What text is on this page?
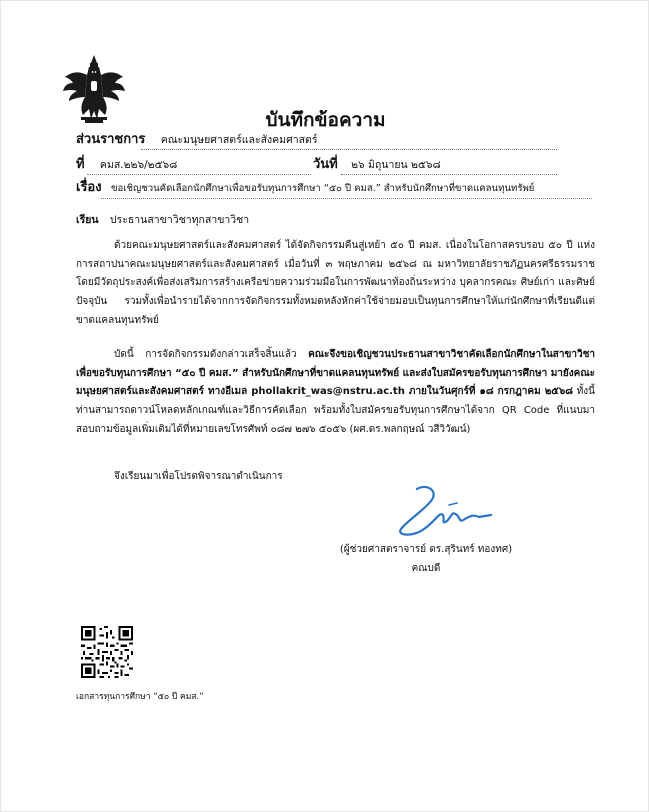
บันทึกข้อความ
ส่วนราชการ คณะมนุษยศาสตร์และสังคมศาสตร์
ที่ คมส.๒๒๖/๒๕๖๘	วันที่ ๒๖ มิถุนายน ๒๕๖๘
เรื่อง ขอเชิญชวนคัดเลือกนักศึกษาเพื่อขอรับทุนการศึกษา “๕๐ ปี คมส.” สำหรับนักศึกษาที่ขาดแคลนทุนทรัพย์
เรียน ประธานสาขาวิชาทุกสาขาวิชา

ด้วยคณะมนุษยศาสตร์และสังคมศาสตร์ ได้จัดกิจกรรมคืนสู่เหย้า ๕๐ ปี คมส. เนื่องในโอกาสครบรอบ ๕๐ ปี แห่งการสถาปนาคณะมนุษยศาสตร์และสังคมศาสตร์ เมื่อวันที่ ๓ พฤษภาคม ๒๕๖๘ ณ มหาวิทยาลัยราชภัฏนครศรีธรรมราช โดยมีวัตถุประสงค์เพื่อส่งเสริมการสร้างเครือข่ายความร่วมมือในการพัฒนาท้องถิ่นระหว่าง บุคลากรคณะ ศิษย์เก่า และศิษย์ปัจจุบัน รวมทั้งเพื่อนำรายได้จากการจัดกิจกรรมทั้งหมดหลังหักค่าใช้จ่ายมอบเป็นทุนการศึกษาให้แก่นักศึกษาที่เรียนดีแต่ขาดแคลนทุนทรัพย์

บัดนี้ การจัดกิจกรรมดังกล่าวเสร็จสิ้นแล้ว คณะจึงขอเชิญชวนประธานสาขาวิชาคัดเลือกนักศึกษาในสาขาวิชา เพื่อขอรับทุนการศึกษา “๕๐ ปี คมส.” สำหรับนักศึกษาที่ขาดแคลนทุนทรัพย์ และส่งใบสมัครขอรับทุนการศึกษา มายังคณะมนุษยศาสตร์และสังคมศาสตร์ ทางอีเมล phollakrit_was@nstru.ac.th ภายในวันศุกร์ที่ ๑๘ กรกฎาคม ๒๕๖๘ ทั้งนี้ ท่านสามารถดาวน์โหลดหลักเกณฑ์และวิธีการคัดเลือก พร้อมทั้งใบสมัครขอรับทุนการศึกษาได้จาก QR Code ที่แนบมา สอบถามข้อมูลเพิ่มเติมได้ที่หมายเลขโทรศัพท์ ๐๘๗ ๒๗๖ ๕๐๕๖ (ผศ.ดร.พลกฤษณ์ วสีวิวัฒน์)

จึงเรียนมาเพื่อโปรดพิจารณาดำเนินการ
(ผู้ช่วยศาสตราจารย์ ดร.สุรินทร์ ทองทศ)
คณบดี
เอกสารทุนการศึกษา “๕๐ ปี คมส.”
